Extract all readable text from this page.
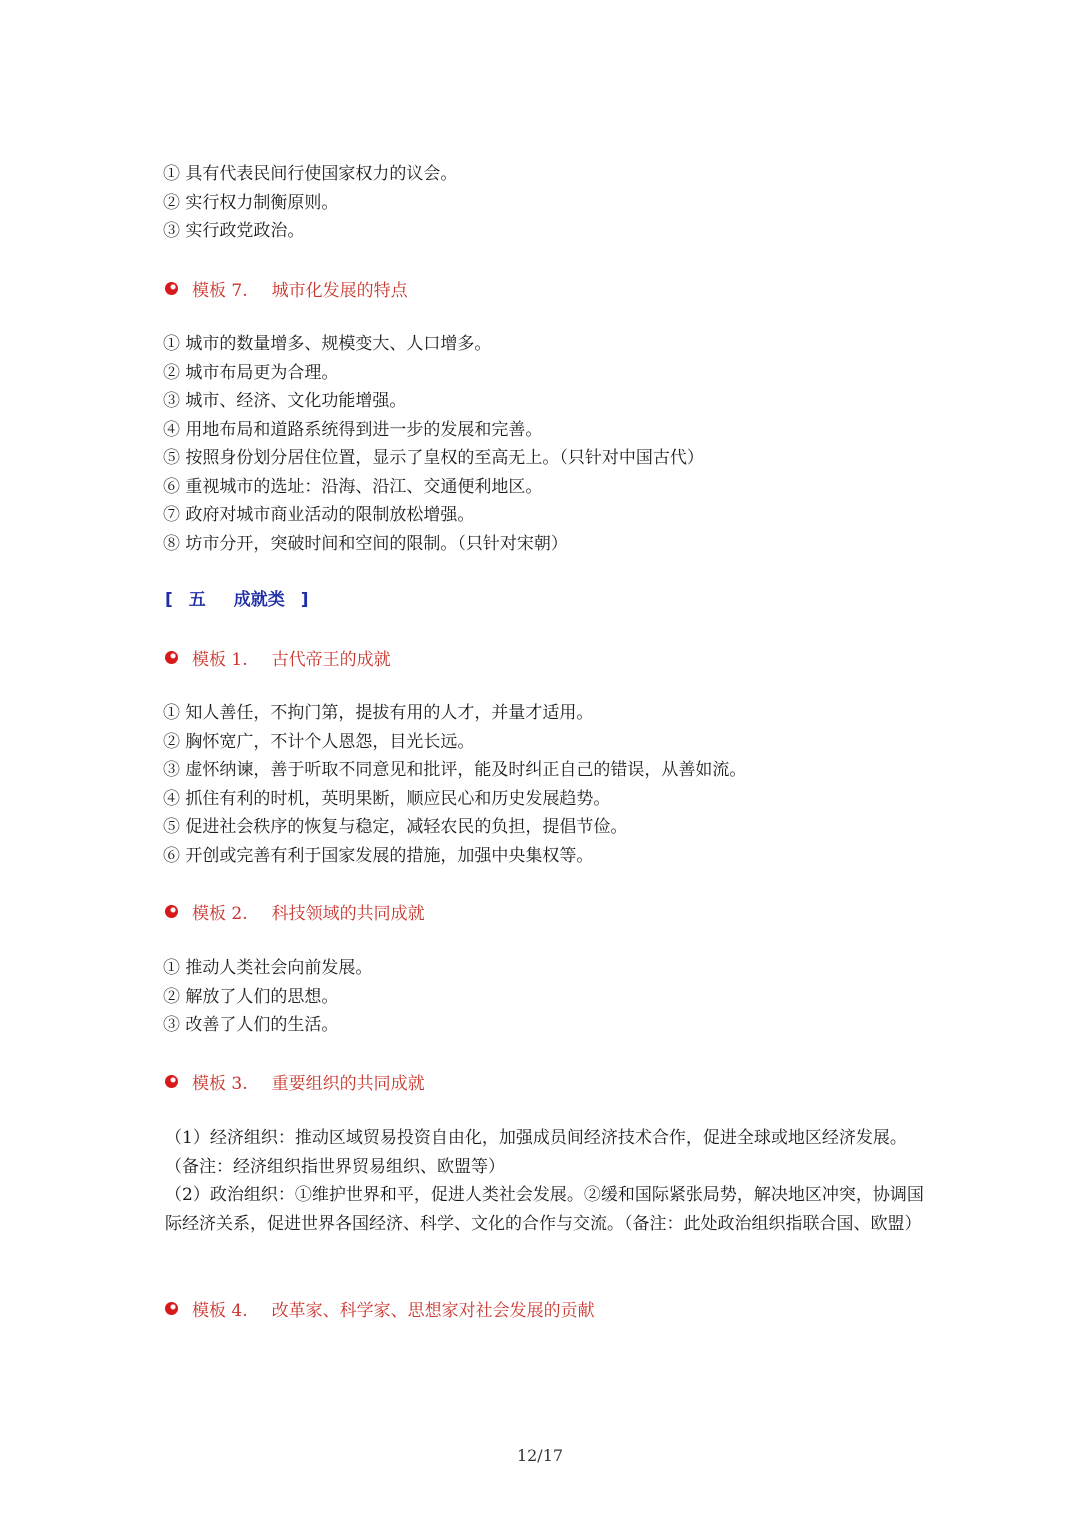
① 具有代表民间行使国家权力的议会。
② 实行权力制衡原则。
③ 实行政党政治。
模板 7. 城市化发展的特点
① 城市的数量增多、规模变大、人口增多。
② 城市布局更为合理。
③ 城市、经济、文化功能增强。
④ 用地布局和道路系统得到进一步的发展和完善。
⑤ 按照身份划分居住位置，显示了皇权的至高无上。（只针对中国古代）
⑥ 重视城市的选址：沿海、沿江、交通便利地区。
⑦ 政府对城市商业活动的限制放松增强。
⑧ 坊市分开，突破时间和空间的限制。（只针对宋朝）
[ 五 成就类 ]
模板 1. 古代帝王的成就
① 知人善任，不拘门第，提拔有用的人才，并量才适用。
② 胸怀宽广，不计个人恩怨，目光长远。
③ 虚怀纳谏，善于听取不同意见和批评，能及时纠正自己的错误，从善如流。
④ 抓住有利的时机，英明果断，顺应民心和历史发展趋势。
⑤ 促进社会秩序的恢复与稳定，减轻农民的负担，提倡节俭。
⑥ 开创或完善有利于国家发展的措施，加强中央集权等。
模板 2. 科技领域的共同成就
① 推动人类社会向前发展。
② 解放了人们的思想。
③ 改善了人们的生活。
模板 3. 重要组织的共同成就
（1）经济组织：推动区域贸易投资自由化，加强成员间经济技术合作，促进全球或地区经济发展。（备注：经济组织指世界贸易组织、欧盟等）
（2）政治组织：①维护世界和平，促进人类社会发展。②缓和国际紧张局势，解决地区冲突，协调国际经济关系，促进世界各国经济、科学、文化的合作与交流。（备注：此处政治组织指联合国、欧盟）
模板 4. 改革家、科学家、思想家对社会发展的贡献
12/17
